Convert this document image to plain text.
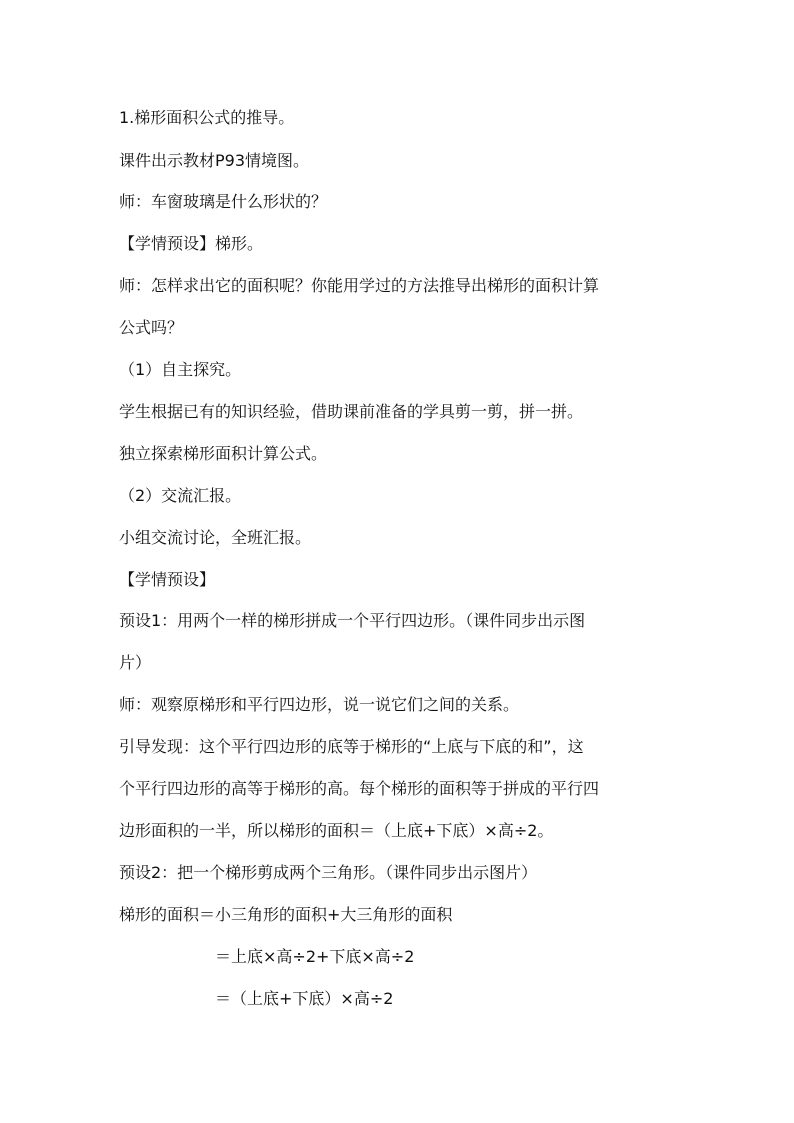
1.梯形面积公式的推导。
课件出示教材P93情境图。
师：车窗玻璃是什么形状的？
【学情预设】梯形。
师：怎样求出它的面积呢？你能用学过的方法推导出梯形的面积计算
公式吗？
（1）自主探究。
学生根据已有的知识经验，借助课前准备的学具剪一剪，拼一拼。
独立探索梯形面积计算公式。
（2）交流汇报。
小组交流讨论，全班汇报。
【学情预设】
预设1：用两个一样的梯形拼成一个平行四边形。（课件同步出示图
片）
师：观察原梯形和平行四边形，说一说它们之间的关系。
引导发现：这个平行四边形的底等于梯形的“上底与下底的和”，这
个平行四边形的高等于梯形的高。每个梯形的面积等于拼成的平行四
边形面积的一半，所以梯形的面积＝（上底+下底）×高÷2。
预设2：把一个梯形剪成两个三角形。（课件同步出示图片）
梯形的面积＝小三角形的面积+大三角形的面积
＝上底×高÷2+下底×高÷2
＝（上底+下底）×高÷2
